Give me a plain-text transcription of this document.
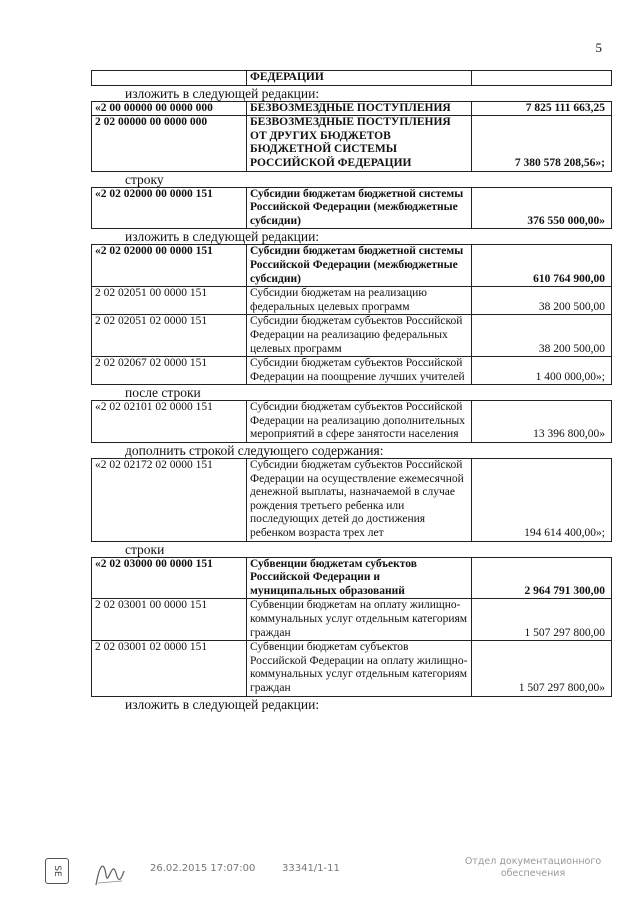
5
	ФЕДЕРАЦИИ	
изложить в следующей редакции:
«2 00 00000 00 0000 000	БЕЗВОЗМЕЗДНЫЕ ПОСТУПЛЕНИЯ	7 825 111 663,25
2 02 00000 00 0000 000	БЕЗВОЗМЕЗДНЫЕ ПОСТУПЛЕНИЯ ОТ ДРУГИХ БЮДЖЕТОВ БЮДЖЕТНОЙ СИСТЕМЫ РОССИЙСКОЙ ФЕДЕРАЦИИ	7 380 578 208,56»;
строку
«2 02 02000 00 0000 151	Субсидии бюджетам бюджетной системы Российской Федерации (межбюджетные субсидии)	376 550 000,00»
изложить в следующей редакции:
«2 02 02000 00 0000 151	Субсидии бюджетам бюджетной системы Российской Федерации (межбюджетные субсидии)	610 764 900,00
2 02 02051 00 0000 151	Субсидии бюджетам на реализацию федеральных целевых программ	38 200 500,00
2 02 02051 02 0000 151	Субсидии бюджетам субъектов Российской Федерации на реализацию федеральных целевых программ	38 200 500,00
2 02 02067 02 0000 151	Субсидии бюджетам субъектов Российской Федерации на поощрение лучших учителей	1 400 000,00»;
после строки
«2 02 02101 02 0000 151	Субсидии бюджетам субъектов Российской Федерации на реализацию дополнительных мероприятий в сфере занятости населения	13 396 800,00»
дополнить строкой следующего содержания:
«2 02 02172 02 0000 151	Субсидии бюджетам субъектов Российской Федерации на осуществление ежемесячной денежной выплаты, назначаемой в случае рождения третьего ребенка или последующих детей до достижения ребенком возраста трех лет	194 614 400,00»;
строки
«2 02 03000 00 0000 151	Субвенции бюджетам субъектов Российской Федерации и муниципальных образований	2 964 791 300,00
2 02 03001 00 0000 151	Субвенции бюджетам на оплату жилищно-коммунальных услуг отдельным категориям граждан	1 507 297 800,00
2 02 03001 02 0000 151	Субвенции бюджетам субъектов Российской Федерации на оплату жилищно-коммунальных услуг отдельным категориям граждан	1 507 297 800,00»
изложить в следующей редакции:
SE	26.02.2015 17:07:00	33341/1-11
Отдел документационного обеспечения
